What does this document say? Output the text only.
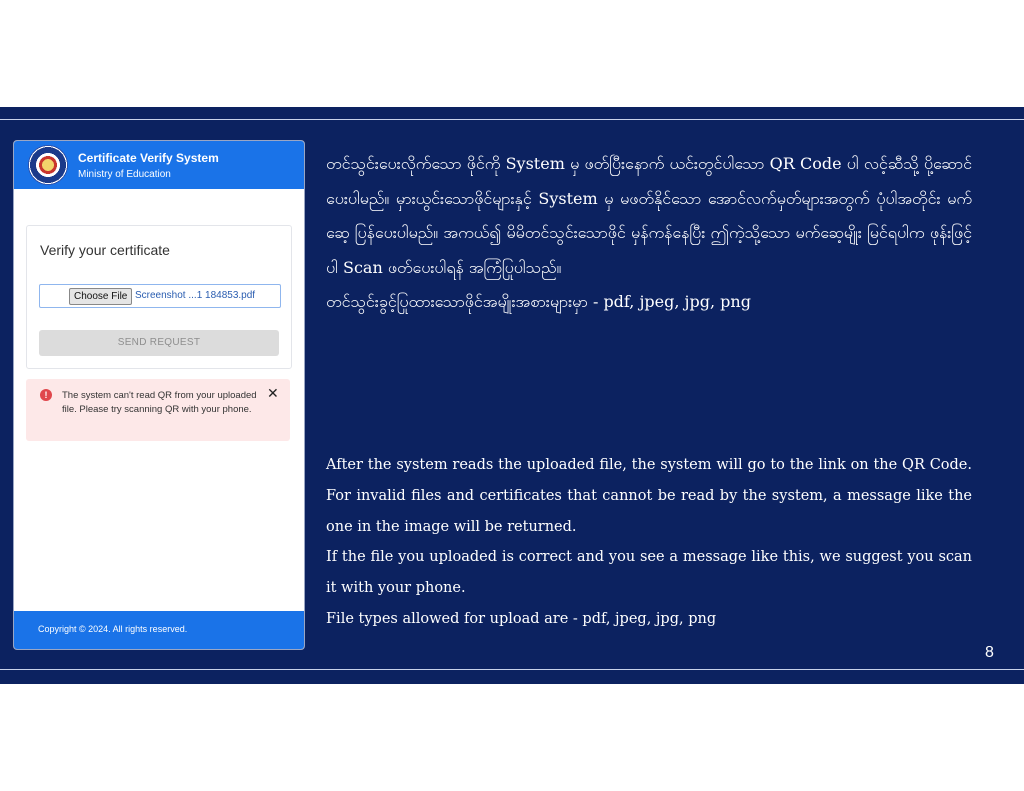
Certificate Verify System
Ministry of Education
Verify your certificate
Choose File Screenshot ...1 184853.pdf
SEND REQUEST
!	The system can't read QR from your uploaded file. Please try scanning QR with your phone.
✕
Copyright © 2024. All rights reserved.

တင်သွင်းပေးလိုက်သော ဖိုင်ကို System မှ ဖတ်ပြီးနောက် ယင်းတွင်ပါသော QR Code ပါ လင့်ဆီသို့ ပို့ဆောင်ပေးပါမည်။ မှားယွင်းသောဖိုင်များနှင့် System မှ မဖတ်နိုင်သော အောင်လက်မှတ်များအတွက် ပုံပါအတိုင်း မက်ဆေ့ ပြန်ပေးပါမည်။ အကယ်၍ မိမိတင်သွင်းသောဖိုင် မှန်ကန်နေပြီး ဤကဲ့သို့သော မက်ဆေ့မျိုး မြင်ရပါက ဖုန်းဖြင့်ပါ Scan ဖတ်ပေးပါရန် အကြံပြုပါသည်။

တင်သွင်းခွင့်ပြုထားသောဖိုင်အမျိုးအစားများမှာ - pdf, jpeg, jpg, png

After the system reads the uploaded file, the system will go to the link on the QR Code. For invalid files and certificates that cannot be read by the system, a message like the one in the image will be returned.

If the file you uploaded is correct and you see a message like this, we suggest you scan it with your phone.

File types allowed for upload are - pdf, jpeg, jpg, png

8
